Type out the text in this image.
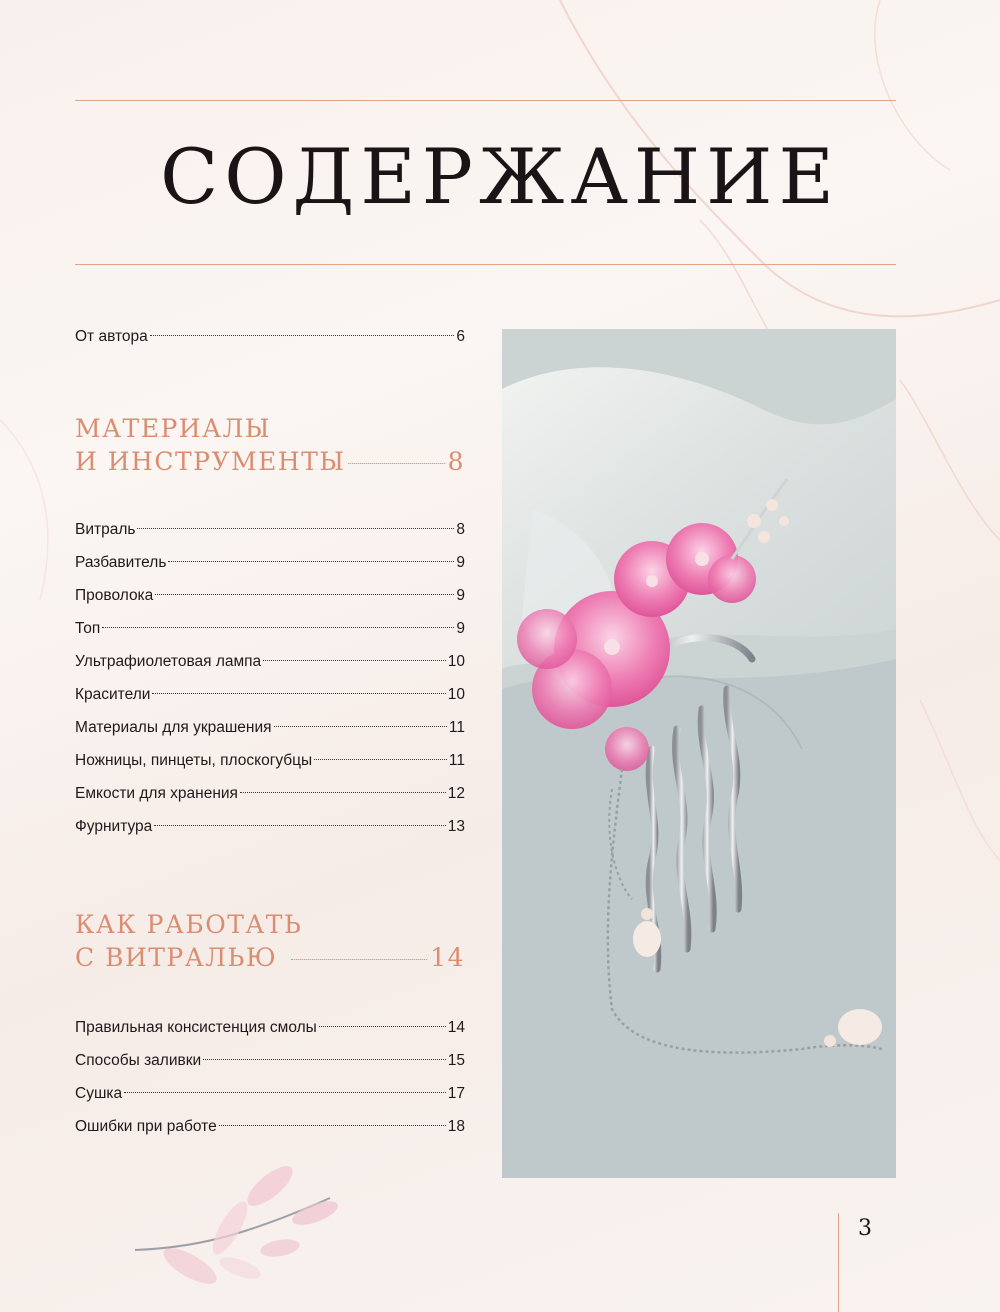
СОДЕРЖАНИЕ
От автора	6
МАТЕРИАЛЫ
И ИНСТРУМЕНТЫ	8
Витраль	8
Разбавитель	9
Проволока	9
Топ	9
Ультрафиолетовая лампа	10
Красители	10
Материалы для украшения	11
Ножницы, пинцеты, плоскогубцы	11
Емкости для хранения	12
Фурнитура	13
КАК РАБОТАТЬ
С ВИТРАЛЬЮ	14
Правильная консистенция смолы	14
Способы заливки	15
Сушка	17
Ошибки при работе	18
3
